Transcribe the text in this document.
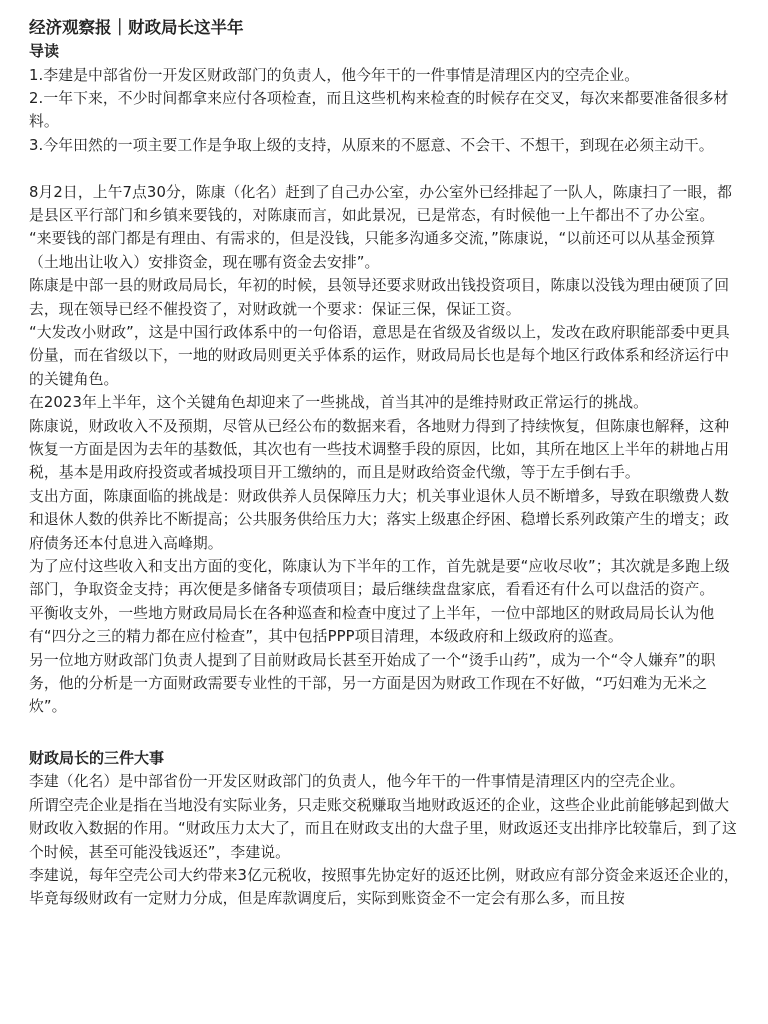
经济观察报｜财政局长这半年
导读

1.李建是中部省份一开发区财政部门的负责人，他今年干的一件事情是清理区内的空壳企业。

2.一年下来，不少时间都拿来应付各项检查，而且这些机构来检查的时候存在交叉，每次来都要准备很多材料。

3.今年田然的一项主要工作是争取上级的支持，从原来的不愿意、不会干、不想干，到现在必须主动干。

8月2日，上午7点30分，陈康（化名）赶到了自己办公室，办公室外已经排起了一队人，陈康扫了一眼，都是县区平行部门和乡镇来要钱的，对陈康而言，如此景况，已是常态，有时候他一上午都出不了办公室。

“来要钱的部门都是有理由、有需求的，但是没钱，只能多沟通多交流，”陈康说，“以前还可以从基金预算（土地出让收入）安排资金，现在哪有资金去安排”。

陈康是中部一县的财政局局长，年初的时候，县领导还要求财政出钱投资项目，陈康以没钱为理由硬顶了回去，现在领导已经不催投资了，对财政就一个要求：保证三保，保证工资。

“大发改小财政”，这是中国行政体系中的一句俗语，意思是在省级及省级以上，发改在政府职能部委中更具份量，而在省级以下，一地的财政局则更关乎体系的运作，财政局局长也是每个地区行政体系和经济运行中的关键角色。

在2023年上半年，这个关键角色却迎来了一些挑战，首当其冲的是维持财政正常运行的挑战。

陈康说，财政收入不及预期，尽管从已经公布的数据来看，各地财力得到了持续恢复，但陈康也解释，这种恢复一方面是因为去年的基数低，其次也有一些技术调整手段的原因，比如，其所在地区上半年的耕地占用税，基本是用政府投资或者城投项目开工缴纳的，而且是财政给资金代缴，等于左手倒右手。

支出方面，陈康面临的挑战是：财政供养人员保障压力大；机关事业退休人员不断增多，导致在职缴费人数和退休人数的供养比不断提高；公共服务供给压力大；落实上级惠企纾困、稳增长系列政策产生的增支；政府债务还本付息进入高峰期。

为了应付这些收入和支出方面的变化，陈康认为下半年的工作，首先就是要“应收尽收”；其次就是多跑上级部门，争取资金支持；再次便是多储备专项债项目；最后继续盘盘家底，看看还有什么可以盘活的资产。

平衡收支外，一些地方财政局局长在各种巡查和检查中度过了上半年，一位中部地区的财政局局长认为他有“四分之三的精力都在应付检查”，其中包括PPP项目清理，本级政府和上级政府的巡查。

另一位地方财政部门负责人提到了目前财政局长甚至开始成了一个“烫手山药”，成为一个“令人嫌弃”的职务，他的分析是一方面财政需要专业性的干部，另一方面是因为财政工作现在不好做，“巧妇难为无米之炊”。

财政局长的三件大事

李建（化名）是中部省份一开发区财政部门的负责人，他今年干的一件事情是清理区内的空壳企业。

所谓空壳企业是指在当地没有实际业务，只走账交税赚取当地财政返还的企业，这些企业此前能够起到做大财政收入数据的作用。“财政压力太大了，而且在财政支出的大盘子里，财政返还支出排序比较靠后，到了这个时候，甚至可能没钱返还”，李建说。

李建说，每年空壳公司大约带来3亿元税收，按照事先协定好的返还比例，财政应有部分资金来返还企业的，毕竟每级财政有一定财力分成，但是库款调度后，实际到账资金不一定会有那么多，而且按
